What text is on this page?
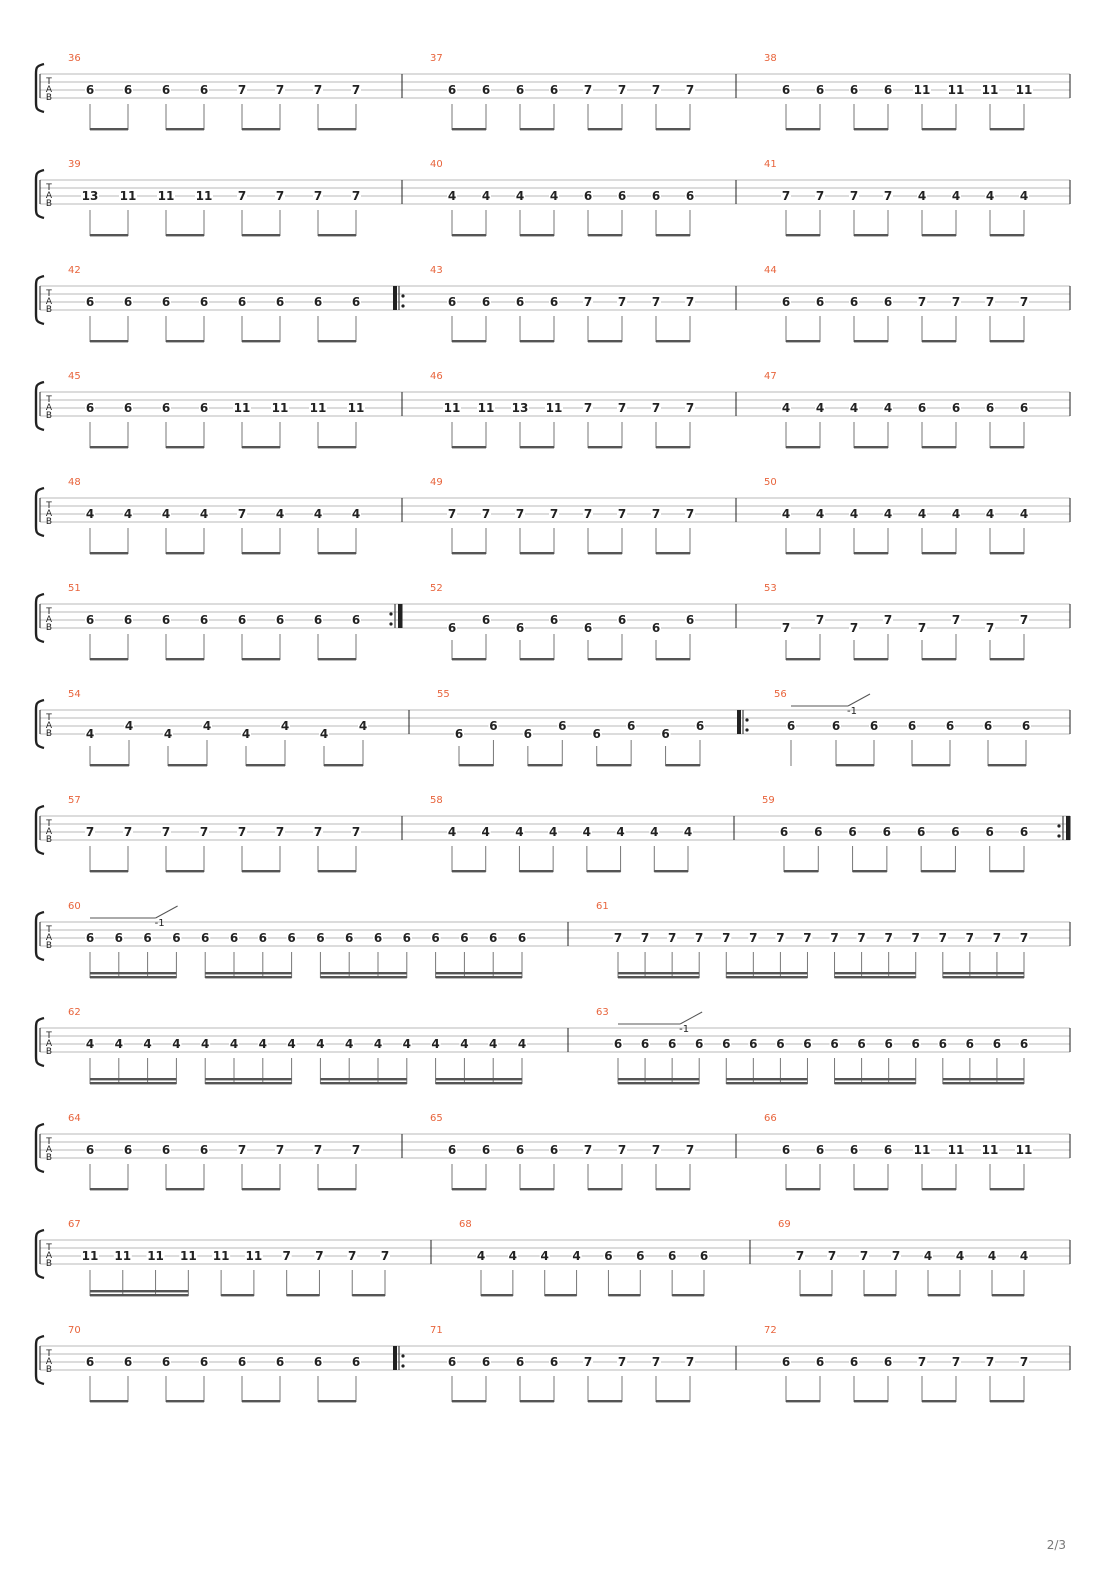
T
A
B
36
6 6 6 6 7 7 7 7
37
6 6 6 6 7 7 7 7
38
6 6 6 6 11 11 11 11
T
A
B
39
13 11 11 11 7 7 7 7
40
4 4 4 4 6 6 6 6
41
7 7 7 7 4 4 4 4
T
A
B
42
6 6 6 6 6 6 6 6
43
6 6 6 6 7 7 7 7
44
6 6 6 6 7 7 7 7
T
A
B
45
6 6 6 6 11 11 11 11
46
11 11 13 11 7 7 7 7
47
4 4 4 4 6 6 6 6
T
A
B
48
4 4 4 4 7 4 4 4
49
7 7 7 7 7 7 7 7
50
4 4 4 4 4 4 4 4
T
A
B
51
6 6 6 6 6 6 6 6
52
6
6
6
6
6
6
6
6
53
7
7
7
7
7
7
7
7
T
A
B
54
4
4
4
4
4
4
4
4
55
6
6
6
6
6
6
6
6
56
6	6 6 6 6 6 6
-1
T
A
B
57
7 7 7 7 7 7 7 7
58
4 4 4 4 4 4 4 4
59
6 6 6 6 6 6 6 6
T
A
B
60
6 6 6 6 6 6 6 6 6 6 6 6 6 6 6 6
-1
61
7 7 7 7 7 7 7 7 7 7 7 7 7 7 7 7
T
A
B
62
4 4 4 4 4 4 4 4 4 4 4 4 4 4 4 4
63
6 6 6 6 6 6 6 6 6 6 6 6 6 6 6 6
-1
T
A
B
64
6 6 6 6 7 7 7 7
65
6 6 6 6 7 7 7 7
66
6 6 6 6 11 11 11 11
T
A
B
67
11 11 11 11 11 11 7 7 7 7
68
4 4 4 4 6 6 6 6
69
7 7 7 7 4 4 4 4
T
A
B
70
6 6 6 6 6 6 6 6
71
6 6 6 6 7 7 7 7
72
6 6 6 6 7 7 7 7
2/3
